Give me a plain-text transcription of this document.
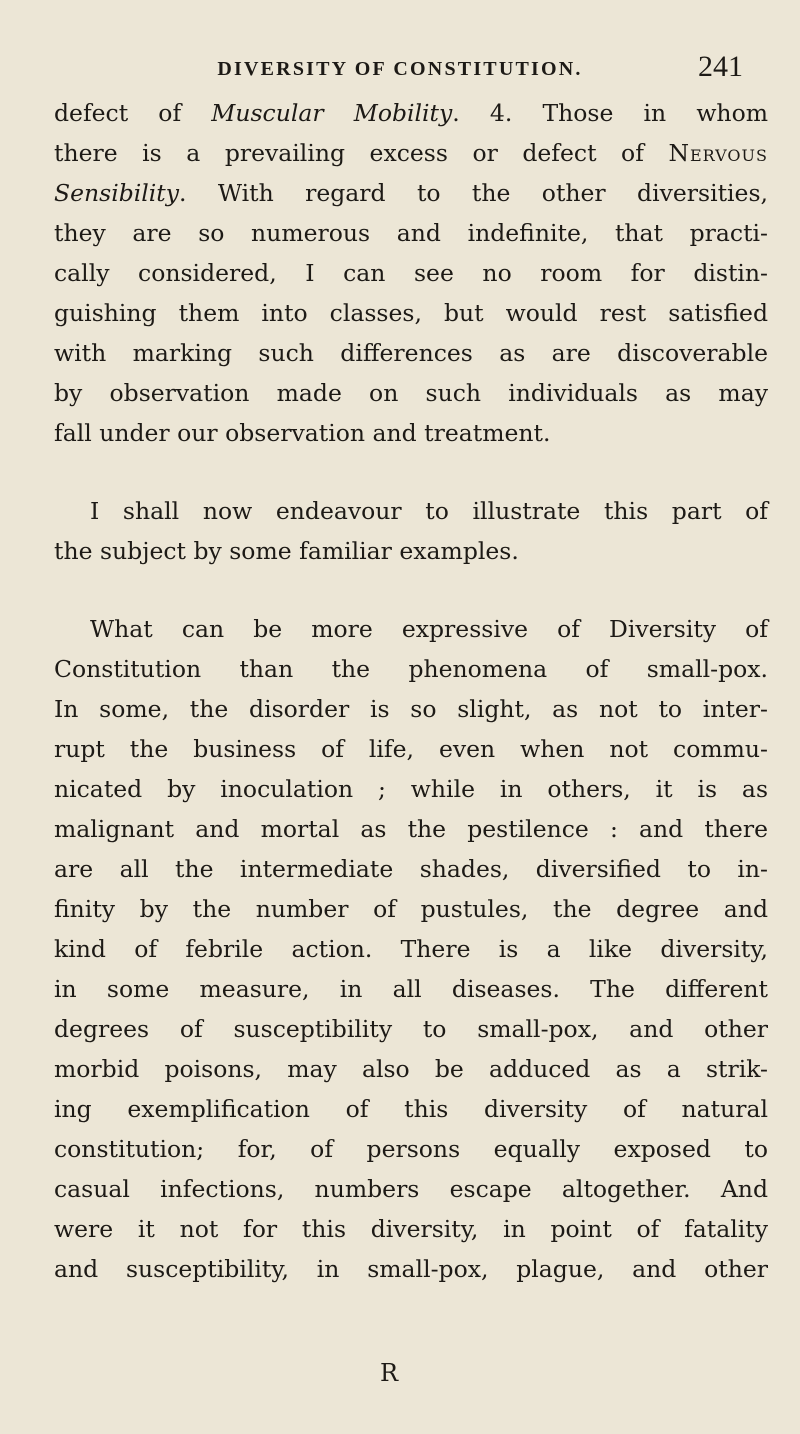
DIVERSITY OF CONSTITUTION.	241
defect of Muscular Mobility. 4. Those in whom
there is a prevailing excess or defect of Nervous
Sensibility. With regard to the other diversities,
they are so numerous and indefinite, that practi-
cally considered, I can see no room for distin-
guishing them into classes, but would rest satisfied
with marking such differences as are discoverable
by observation made on such individuals as may
fall under our observation and treatment.
I shall now endeavour to illustrate this part of
the subject by some familiar examples.
What can be more expressive of Diversity of
Constitution than the phenomena of small-pox.
In some, the disorder is so slight, as not to inter-
rupt the business of life, even when not commu-
nicated by inoculation ; while in others, it is as
malignant and mortal as the pestilence : and there
are all the intermediate shades, diversified to in-
finity by the number of pustules, the degree and
kind of febrile action. There is a like diversity,
in some measure, in all diseases. The different
degrees of susceptibility to small-pox, and other
morbid poisons, may also be adduced as a strik-
ing exemplification of this diversity of natural
constitution; for, of persons equally exposed to
casual infections, numbers escape altogether. And
were it not for this diversity, in point of fatality
and susceptibility, in small-pox, plague, and other
R
